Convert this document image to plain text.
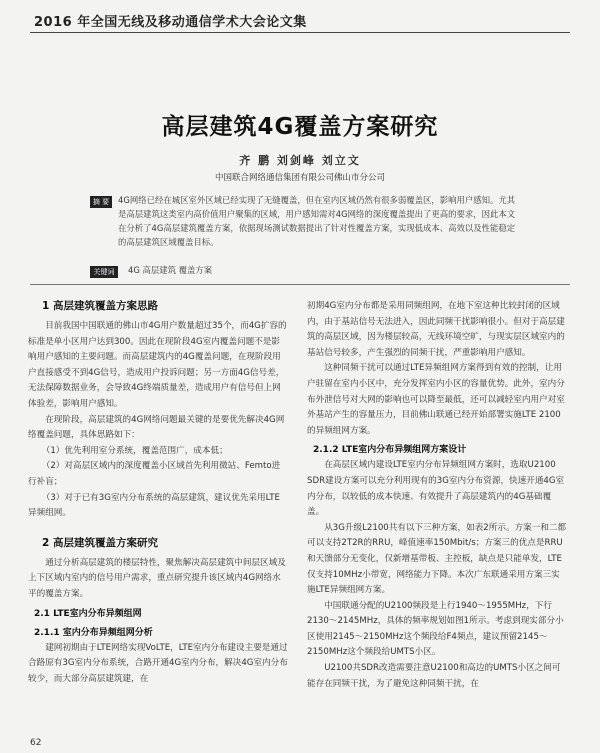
2016 年全国无线及移动通信学术大会论文集
高层建筑4G覆盖方案研究
齐 鹏 刘剑峰 刘立文
中国联合网络通信集团有限公司佛山市分公司
摘 要	4G网络已经在城区室外区域已经实现了无缝覆盖，但在室内区域仍然有很多弱覆盖区，影响用户感知。尤其是高层建筑这类室内高价值用户聚集的区域，用户感知需对4G网络的深度覆盖提出了更高的要求，因此本文在分析了4G高层建筑覆盖方案，依据现场测试数据提出了针对性覆盖方案，实现低成本、高效以及性能稳定的高层建筑区域覆盖目标。
关键词	4G 高层建筑 覆盖方案
1 高层建筑覆盖方案思路

目前我国中国联通的佛山市4G用户数量超过35个，而4G扩容的标准是单小区用户达到300。因此在现阶段4G室内覆盖问题不是影响用户感知的主要问题。而高层建筑内的4G覆盖问题，在现阶段用户直接感受不到4G信号，造成用户投诉问题；另一方面4G信号差，无法保障数据业务，会导致4G终端质量差，造成用户有信号但上网体验差，影响用户感知。

在现阶段，高层建筑的4G网络问题最关键的是要优先解决4G网络覆盖问题，具体思路如下：

（1）优先利用室分系统，覆盖范围广，成本低；

（2）对高层区域内的深度覆盖小区域首先利用微站、Femto进行补盲；

（3）对于已有3G室内分布系统的高层建筑，建议优先采用LTE异频组网。

2 高层建筑覆盖方案研究

通过分析高层建筑的楼层特性，聚焦解决高层建筑中间层区域及上下区域内室内的信号用户需求，重点研究提升该区域内4G网络水平的覆盖方案。

2.1 LTE室内分布异频组网
2.1.1 室内分布异频组网分析

建网初期由于LTE网络实现VoLTE，LTE室内分布建设主要是通过合路原有3G室内分布系统，合路开通4G室内分布，解决4G室内分布较少，而大部分高层建筑建，在

初期4G室内分布都是采用同频组网，在地下室这种比较封闭的区域内，由于基站信号无法进入，因此同频干扰影响很小。但对于高层建筑的高层区域，因为楼层较高，无线环境空旷，与现实层区域室内的基站信号较多，产生强烈的同频干扰，严重影响用户感知。

这种同频干扰可以通过LTE异频组网方案得到有效的控制，让用户驻留在室内小区中，充分发挥室内小区的容量优势。此外，室内分布外泄信号对大网的影响也可以降至最低，还可以减轻室内用户对室外基站产生的容量压力，目前佛山联通已经开始部署实施LTE 2100的异频组网方案。

2.1.2 LTE室内分布异频组网方案设计

在高层区域内建设LTE室内分布异频组网方案时，选取U2100 SDR建设方案可以充分利用现有的3G室内分布资源，快速开通4G室内分布，以较低的成本快速、有效提升了高层建筑内的4G基础覆盖。

从3G升级L2100共有以下三种方案，如表2所示。方案一和二都可以支持2T2R的RRU，峰值速率150Mbit/s；方案三的优点是RRU和天馈部分无变化，仅新增基带板、主控板，缺点是只能单发，LTE仅支持10MHz小带宽，网络能力下降。本次广东联通采用方案三实施LTE异频组网方案。

中国联通分配的U2100频段是上行1940～1955MHz，下行2130～2145MHz，具体的频率规划如图1所示。考虑到现实部分小区使用2145～2150MHz这个频段给F4频点，建议预留2145～2150MHz这个频段给UMTS小区。

U2100共SDR改造需要注意U2100和高边的UMTS小区之间可能存在同频干扰，为了避免这种同频干扰，在

62
